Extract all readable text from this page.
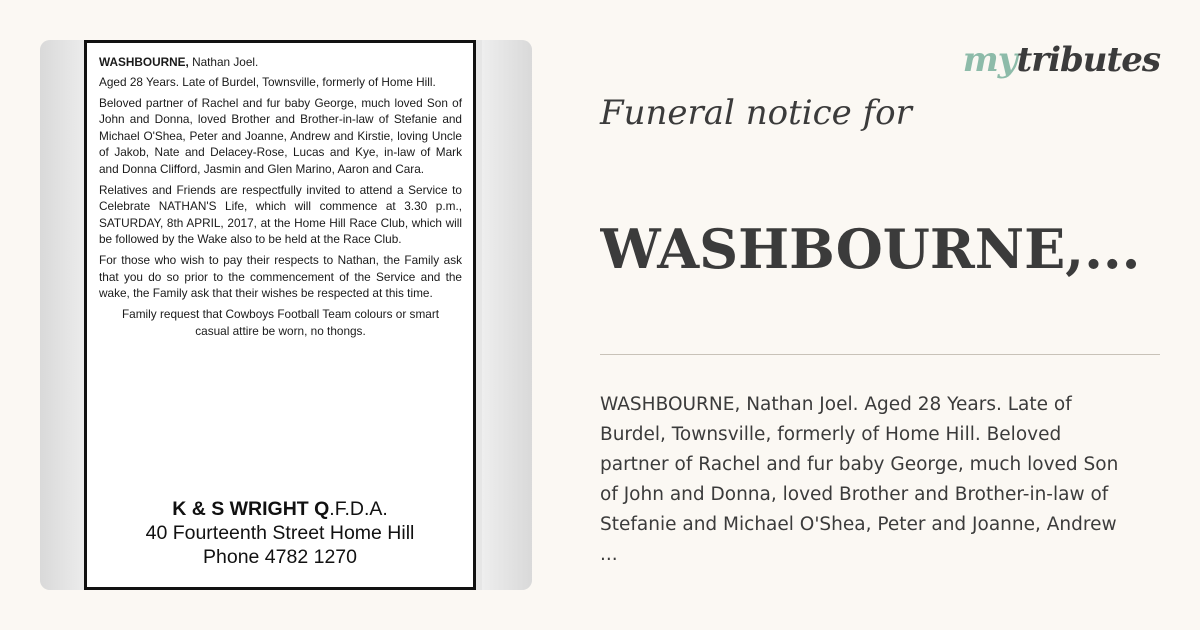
WASHBOURNE, Nathan Joel.

Aged 28 Years. Late of Burdel, Townsville, formerly of Home Hill.

Beloved partner of Rachel and fur baby George, much loved Son of John and Donna, loved Brother and Brother-in-law of Stefanie and Michael O'Shea, Peter and Joanne, Andrew and Kirstie, loving Uncle of Jakob, Nate and Delacey-Rose, Lucas and Kye, in-law of Mark and Donna Clifford, Jasmin and Glen Marino, Aaron and Cara.

Relatives and Friends are respectfully invited to attend a Service to Celebrate NATHAN'S Life, which will commence at 3.30 p.m., SATURDAY, 8th APRIL, 2017, at the Home Hill Race Club, which will be followed by the Wake also to be held at the Race Club.

For those who wish to pay their respects to Nathan, the Family ask that you do so prior to the commencement of the Service and the wake, the Family ask that their wishes be respected at this time.

Family request that Cowboys Football Team colours or smart casual attire be worn, no thongs.

K & S WRIGHT Q.F.D.A.
40 Fourteenth Street Home Hill
Phone 4782 1270
mytributes
Funeral notice for
WASHBOURNE,...
WASHBOURNE, Nathan Joel. Aged 28 Years. Late of
Burdel, Townsville, formerly of Home Hill. Beloved
partner of Rachel and fur baby George, much loved Son
of John and Donna, loved Brother and Brother-in-law of
Stefanie and Michael O'Shea, Peter and Joanne, Andrew
...
